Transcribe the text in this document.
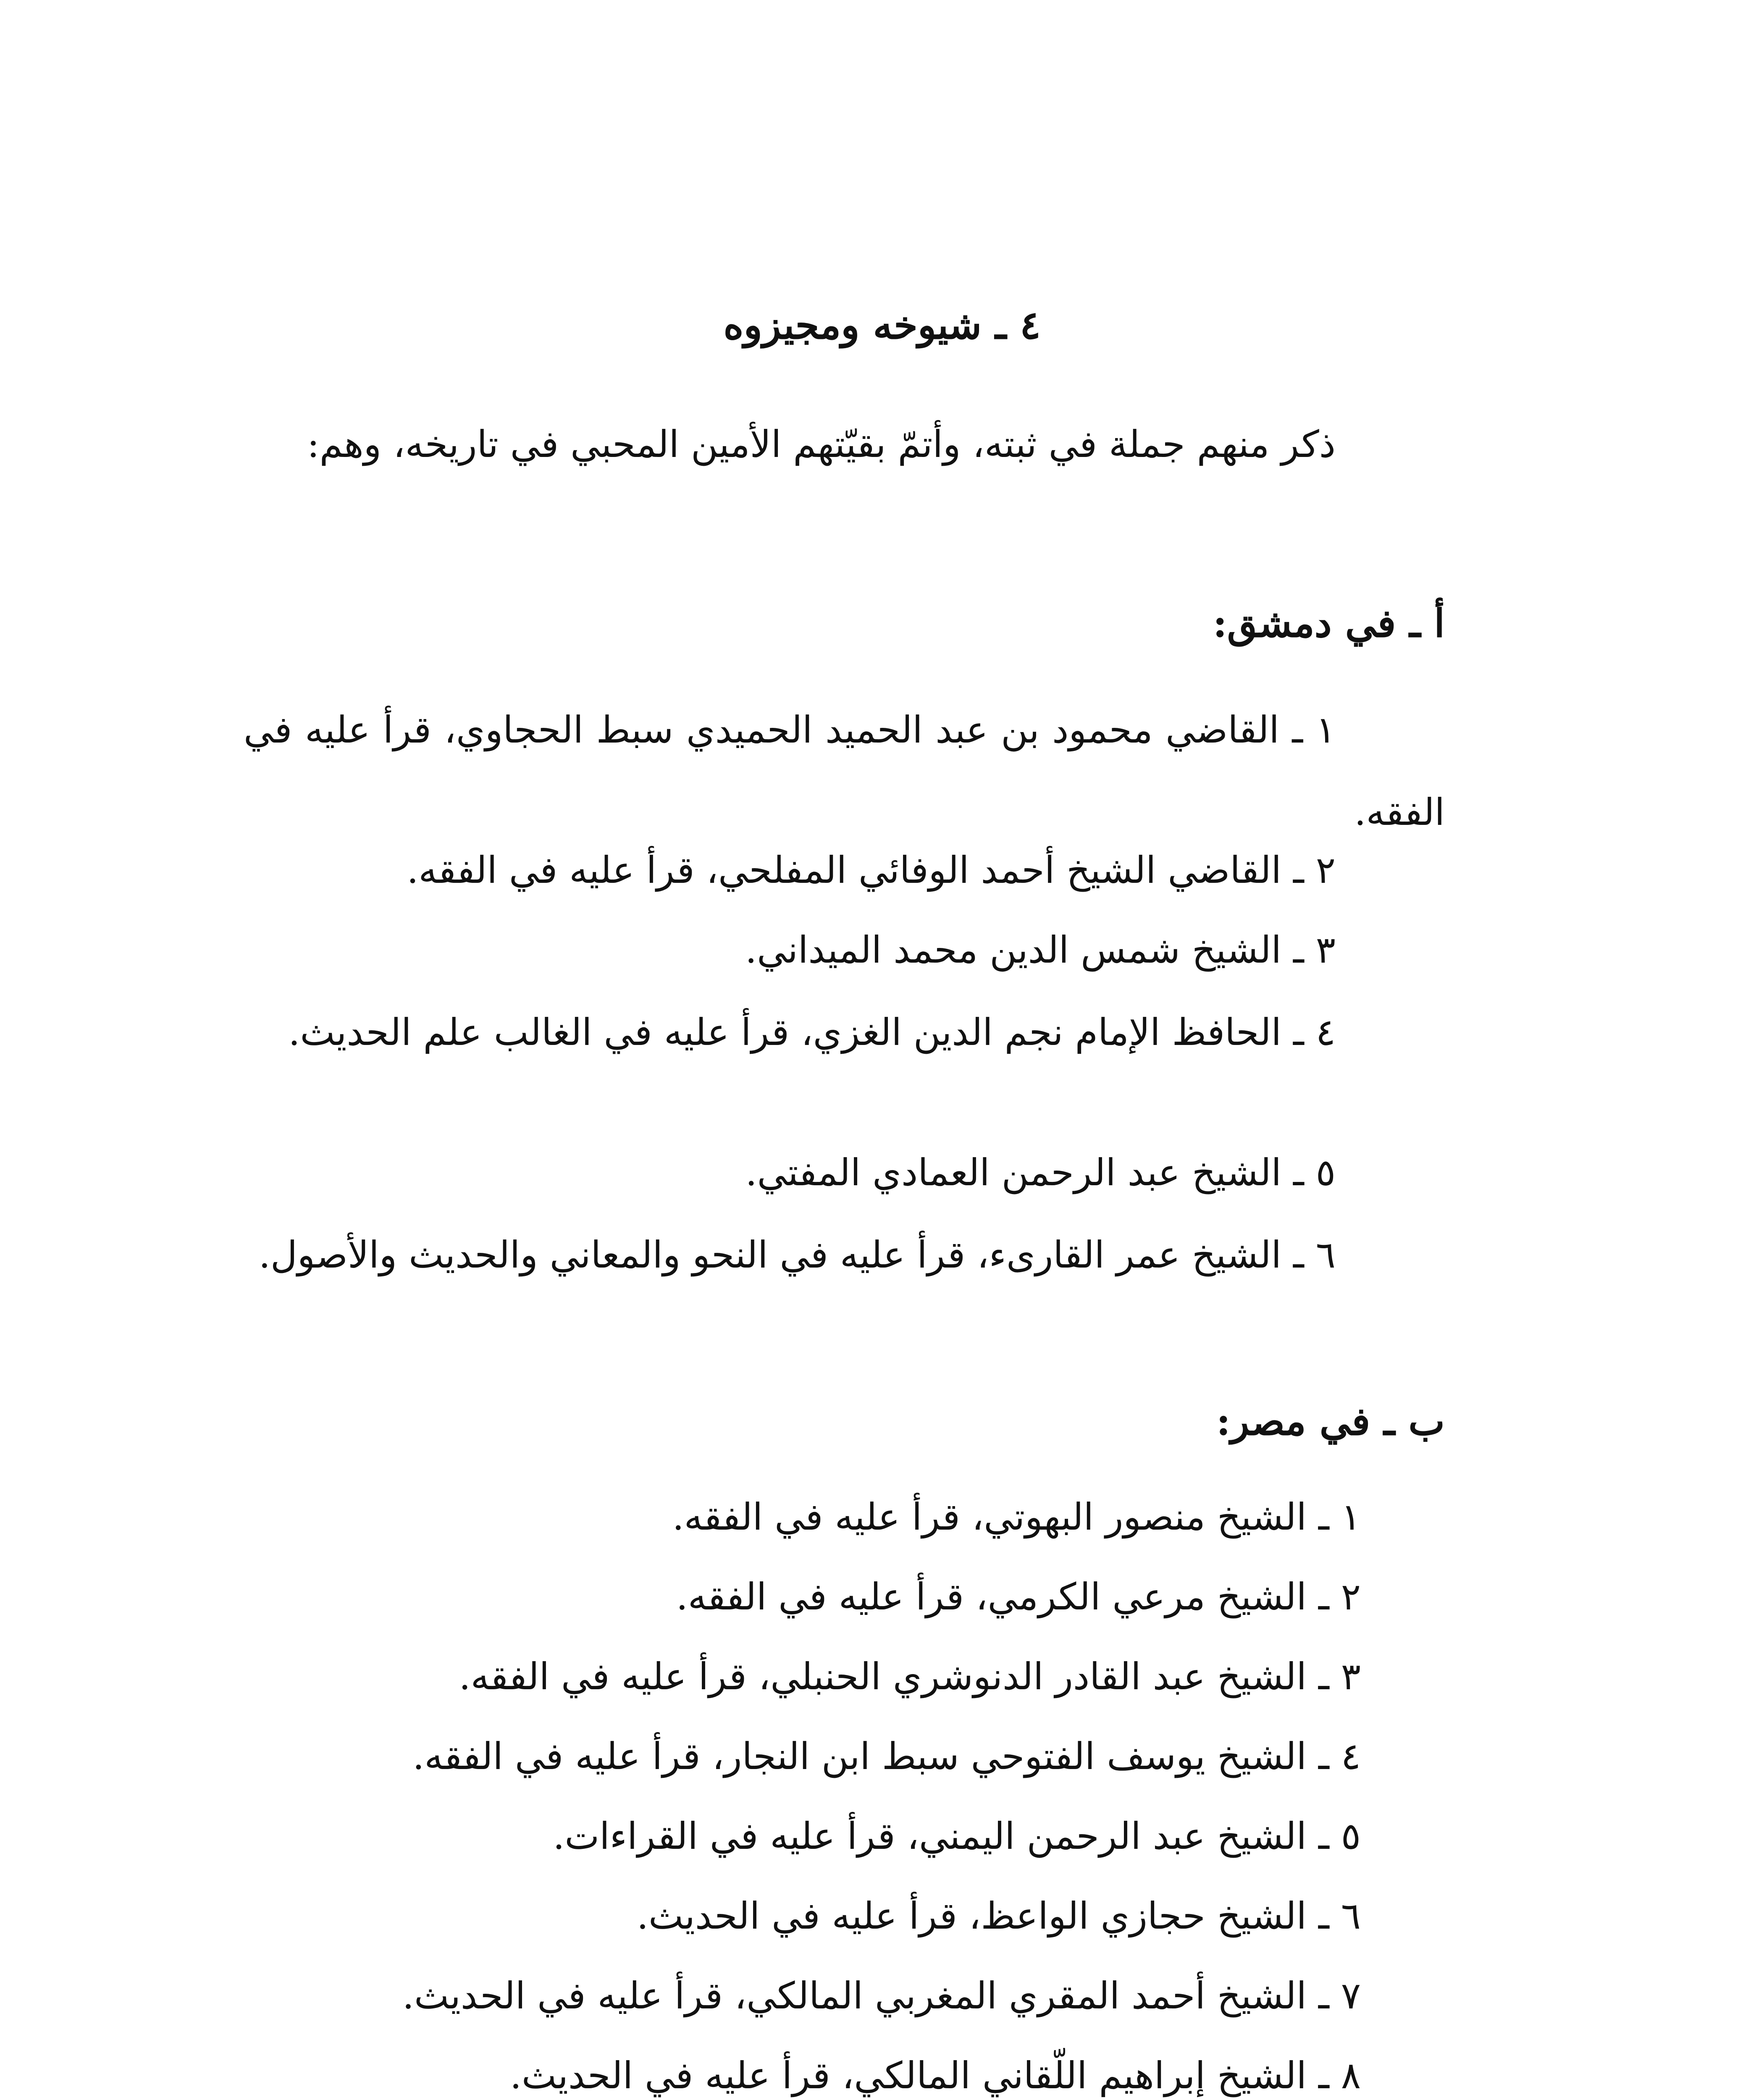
٤ ـ شيوخه ومجيزوه
ذكر منهم جملة في ثبته، وأتمّ بقيّتهم الأمين المحبي في تاريخه، وهم:
أ ـ في دمشق:
١ ـ القاضي محمود بن عبد الحميد الحميدي سبط الحجاوي، قرأ عليه في الفقه.
٢ ـ القاضي الشيخ أحمد الوفائي المفلحي، قرأ عليه في الفقه.
٣ ـ الشيخ شمس الدين محمد الميداني.
٤ ـ الحافظ الإمام نجم الدين الغزي، قرأ عليه في الغالب علم الحديث.
٥ ـ الشيخ عبد الرحمن العمادي المفتي.
٦ ـ الشيخ عمر القارىء، قرأ عليه في النحو والمعاني والحديث والأصول.
ب ـ في مصر:
١ ـ الشيخ منصور البهوتي، قرأ عليه في الفقه.
٢ ـ الشيخ مرعي الكرمي، قرأ عليه في الفقه.
٣ ـ الشيخ عبد القادر الدنوشري الحنبلي، قرأ عليه في الفقه.
٤ ـ الشيخ يوسف الفتوحي سبط ابن النجار، قرأ عليه في الفقه.
٥ ـ الشيخ عبد الرحمن اليمني، قرأ عليه في القراءات.
٦ ـ الشيخ حجازي الواعظ، قرأ عليه في الحديث.
٧ ـ الشيخ أحمد المقري المغربي المالكي، قرأ عليه في الحديث.
٨ ـ الشيخ إبراهيم اللّقاني المالكي، قرأ عليه في الحديث.
